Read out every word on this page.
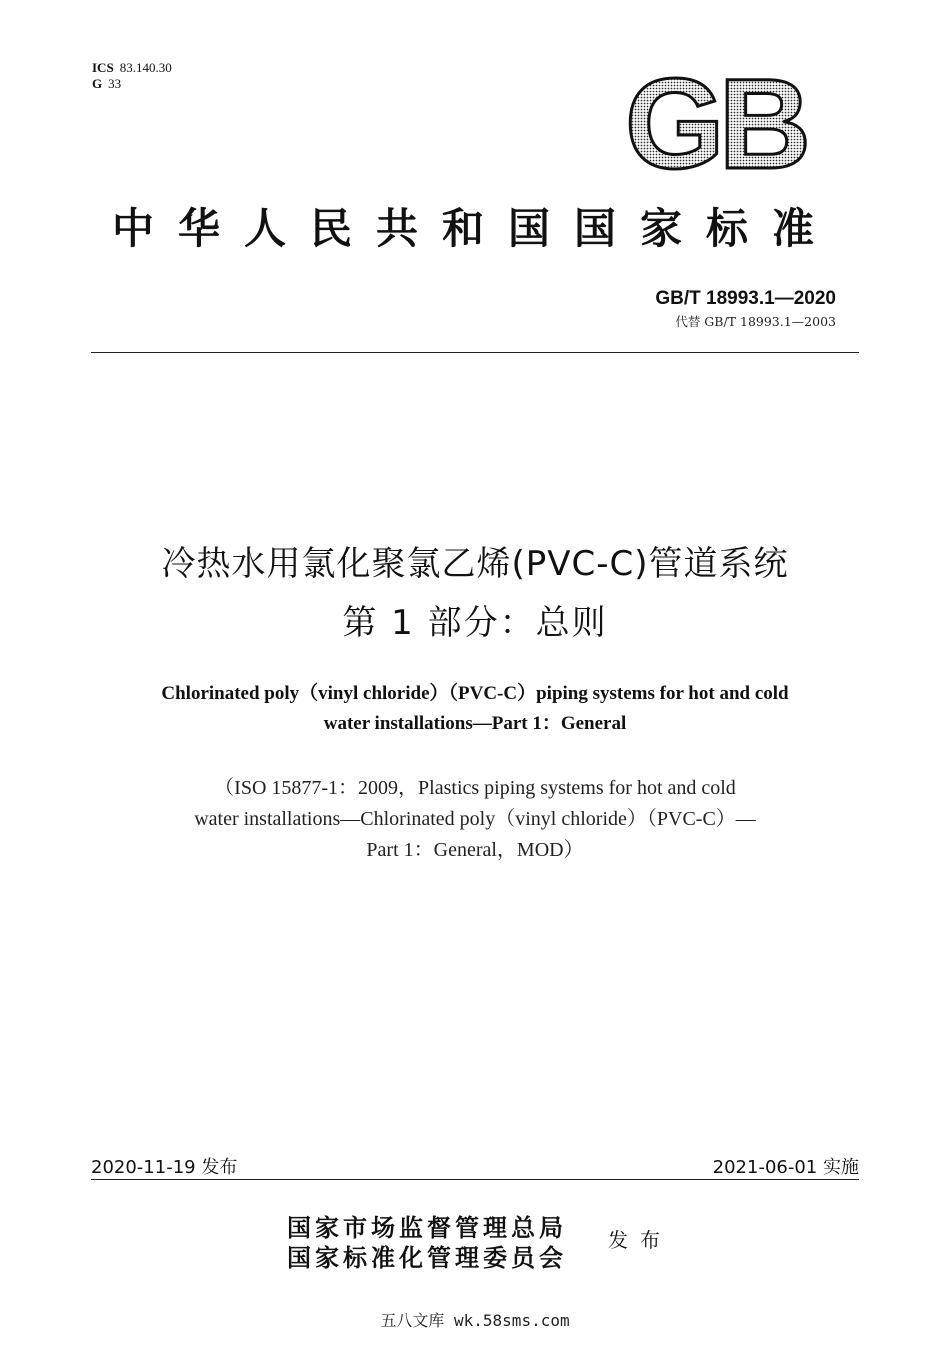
ICS 83.140.30
G 33	GB
中华人民共和国国家标准
GB/T 18993.1—2020
代替 GB/T 18993.1—2003
冷热水用氯化聚氯乙烯(PVC-C)管道系统
第 1 部分：总则
Chlorinated poly（vinyl chloride）（PVC-C）piping systems for hot and cold
water installations—Part 1：General
（ISO 15877-1：2009，Plastics piping systems for hot and cold
water installations—Chlorinated poly（vinyl chloride）（PVC-C）—
Part 1：General，MOD）
2020-11-19 发布	2021-06-01 实施
国家市场监督管理总局
国家标准化管理委员会
发布
五八文库 wk.58sms.com
